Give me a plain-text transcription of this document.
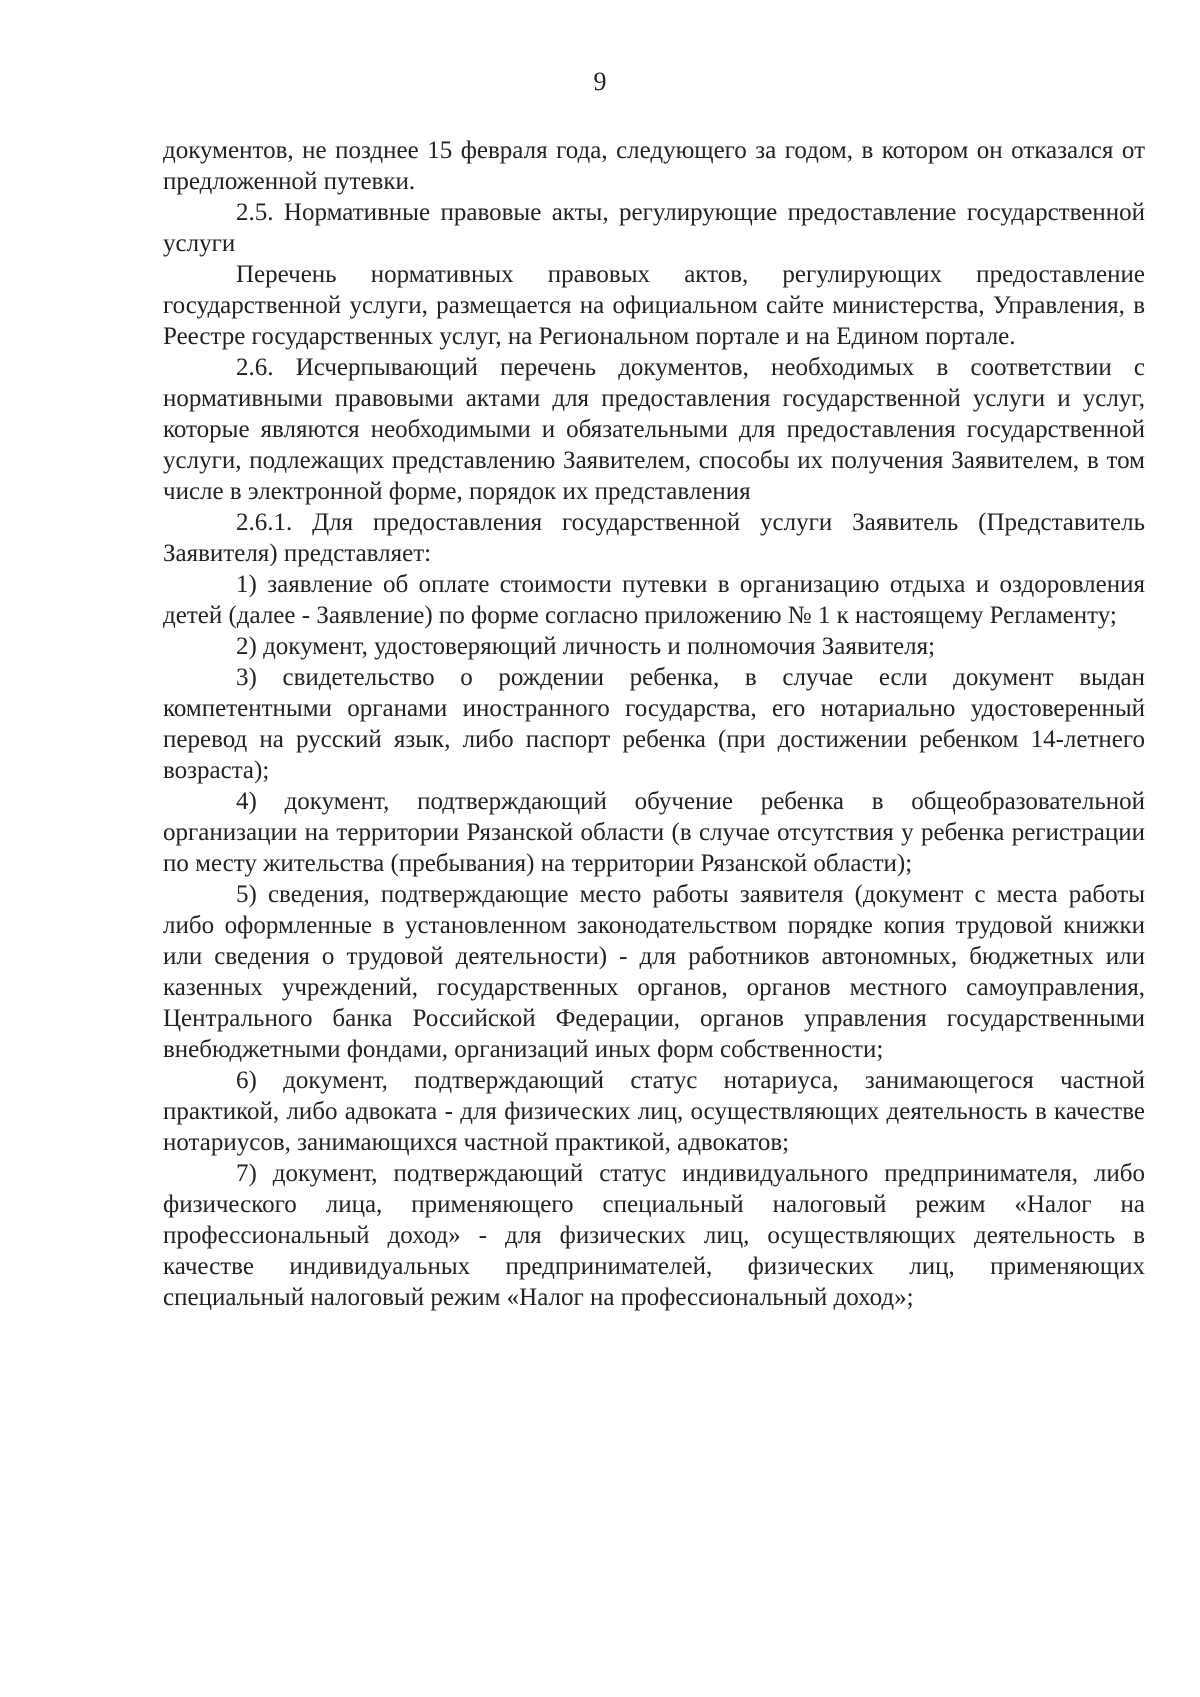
9

документов, не позднее 15 февраля года, следующего за годом, в котором он отказался от предложенной путевки.

2.5. Нормативные правовые акты, регулирующие предоставление государственной услуги

Перечень нормативных правовых актов, регулирующих предоставление государственной услуги, размещается на официальном сайте министерства, Управления, в Реестре государственных услуг, на Региональном портале и на Едином портале.

2.6. Исчерпывающий перечень документов, необходимых в соответствии с нормативными правовыми актами для предоставления государственной услуги и услуг, которые являются необходимыми и обязательными для предоставления государственной услуги, подлежащих представлению Заявителем, способы их получения Заявителем, в том числе в электронной форме, порядок их представления

2.6.1. Для предоставления государственной услуги Заявитель (Представитель Заявителя) представляет:

1) заявление об оплате стоимости путевки в организацию отдыха и оздоровления детей (далее - Заявление) по форме согласно приложению № 1 к настоящему Регламенту;

2) документ, удостоверяющий личность и полномочия Заявителя;

3) свидетельство о рождении ребенка, в случае если документ выдан компетентными органами иностранного государства, его нотариально удостоверенный перевод на русский язык, либо паспорт ребенка (при достижении ребенком 14-летнего возраста);

4) документ, подтверждающий обучение ребенка в общеобразовательной организации на территории Рязанской области (в случае отсутствия у ребенка регистрации по месту жительства (пребывания) на территории Рязанской области);

5) сведения, подтверждающие место работы заявителя (документ с места работы либо оформленные в установленном законодательством порядке копия трудовой книжки или сведения о трудовой деятельности) - для работников автономных, бюджетных или казенных учреждений, государственных органов, органов местного самоуправления, Центрального банка Российской Федерации, органов управления государственными внебюджетными фондами, организаций иных форм собственности;

6) документ, подтверждающий статус нотариуса, занимающегося частной практикой, либо адвоката - для физических лиц, осуществляющих деятельность в качестве нотариусов, занимающихся частной практикой, адвокатов;

7) документ, подтверждающий статус индивидуального предпринимателя, либо физического лица, применяющего специальный налоговый режим «Налог на профессиональный доход» - для физических лиц, осуществляющих деятельность в качестве индивидуальных предпринимателей, физических лиц, применяющих специальный налоговый режим «Налог на профессиональный доход»;
